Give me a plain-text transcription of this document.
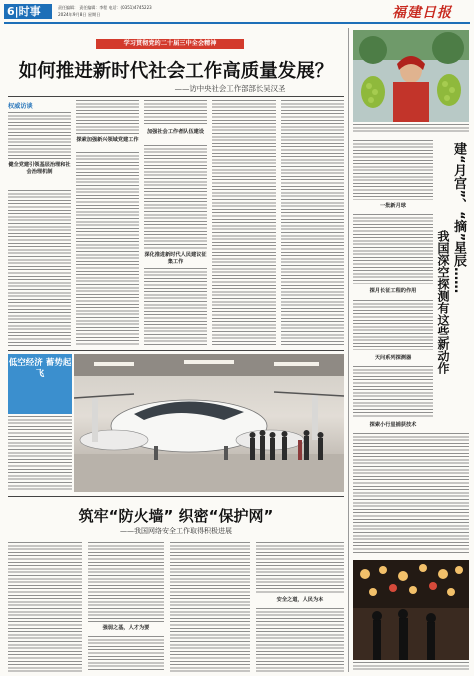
6|时事	责任编辑： 责任编辑：李程 电话：(0351)4745223
2024年9月8日 星期日	福建日报
学习贯彻党的二十届三中全会精神
如何推进新时代社会工作高质量发展？
——访中央社会工作部部长吴汉圣
权威访谈
健全党建引领基层治理和社会治理机制
探索加强新兴领域党建工作
加强社会工作者队伍建设
深化推进新时代人民建议征集工作
低空经济 蓄势起飞
筑牢“防火墙” 织密“保护网”
——我国网络安全工作取得积极进展
强弱之基，人才为要
安全之道，人民为本
一批新月球
探月长征工程的作用
天问系列探测器
探索小行星捕获技术
建“月宫”、“摘”星辰……
我国深空探测有这些新动作
